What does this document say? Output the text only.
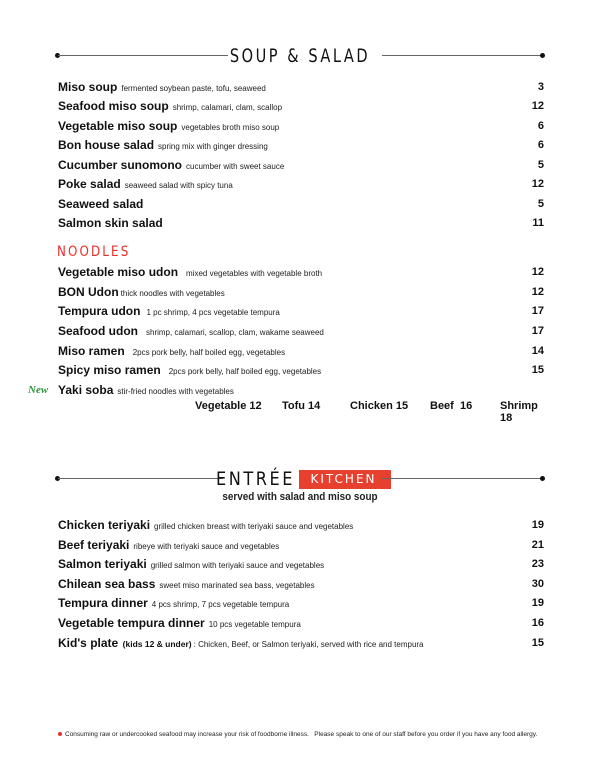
SOUP & SALAD
Miso soup fermented soybean paste, tofu, seaweed	3
Seafood miso soup shrimp, calamari, clam, scallop	12
Vegetable miso soup vegetables broth miso soup	6
Bon house salad spring mix with ginger dressing	6
Cucumber sunomono cucumber with sweet sauce	5
Poke salad seaweed salad with spicy tuna	12
Seaweed salad	5
Salmon skin salad	11
NOODLES
Vegetable miso udon mixed vegetables with vegetable broth	12
BON Udon thick noodles with vegetables	12
Tempura udon 1 pc shrimp, 4 pcs vegetable tempura	17
Seafood udon shrimp, calamari, scallop, clam, wakame seaweed	17
Miso ramen 2pcs pork belly, half boiled egg, vegetables	14
Spicy miso ramen 2pcs pork belly, half boiled egg, vegetables	15
New Yaki soba stir-fried noodles with vegetables
Vegetable 12 Tofu 14	Chicken 15 Beef  16	Shrimp 18
ENTRÉE KITCHEN
served with salad and miso soup
Chicken teriyaki grilled chicken breast with teriyaki sauce and vegetables	19
Beef teriyaki ribeye with teriyaki sauce and vegetables	21
Salmon teriyaki grilled salmon with teriyaki sauce and vegetables	23
Chilean sea bass sweet miso marinated sea bass, vegetables	30
Tempura dinner 4 pcs shrimp, 7 pcs vegetable tempura	19
Vegetable tempura dinner 10 pcs vegetable tempura	16
Kid's plate (kids 12 & under) : Chicken, Beef, or Salmon teriyaki, served with rice and tempura	15
Consuming raw or undercooked seafood may increase your risk of foodborne illness.   Please speak to one of our staff before you order if you have any food allergy.
